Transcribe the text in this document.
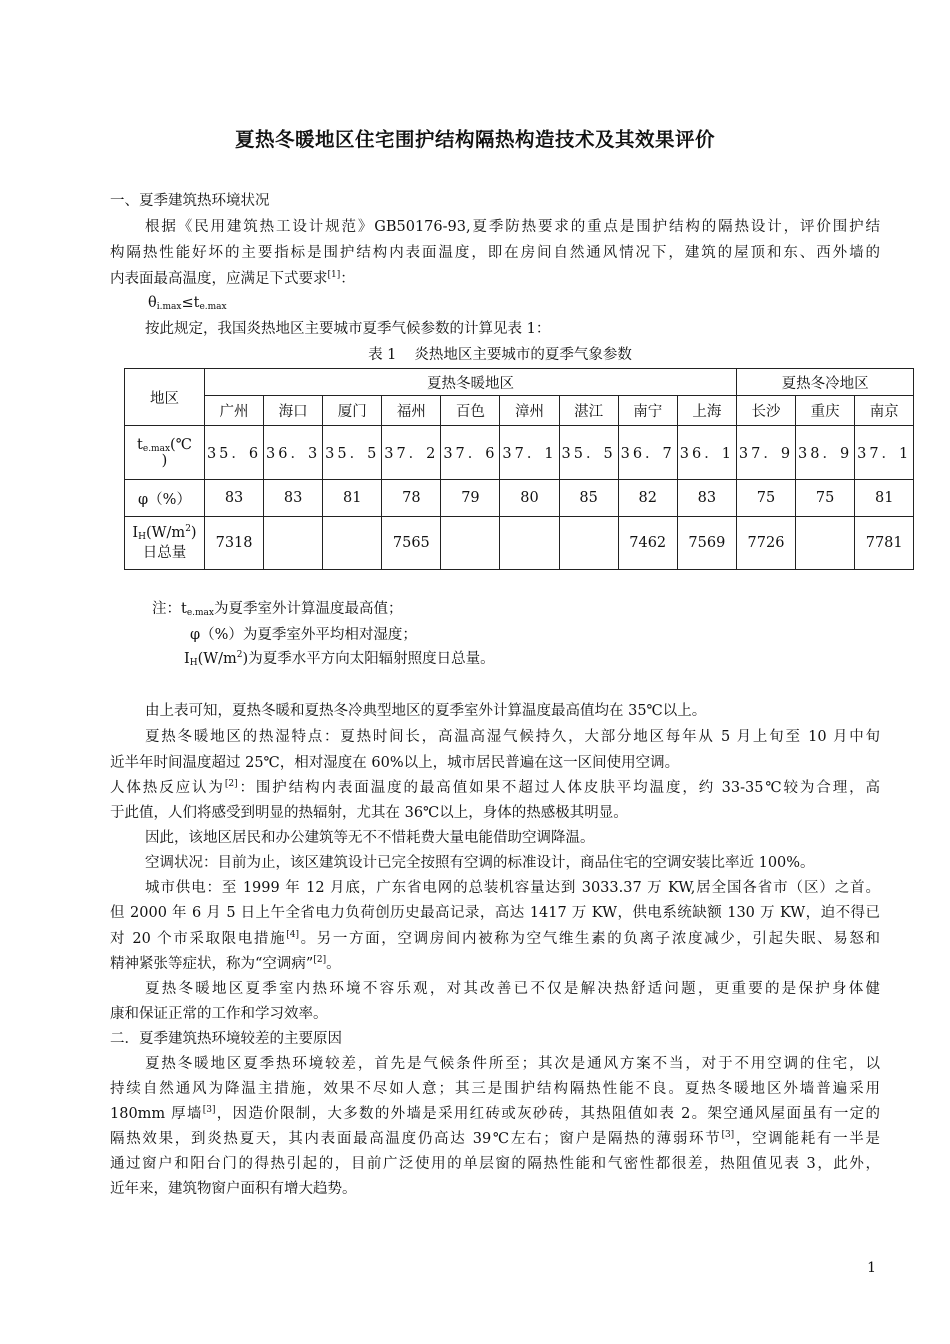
夏热冬暖地区住宅围护结构隔热构造技术及其效果评价
一、夏季建筑热环境状况
根据《民用建筑热工设计规范》GB50176-93,夏季防热要求的重点是围护结构的隔热设计，评价围护结
构隔热性能好坏的主要指标是围护结构内表面温度，即在房间自然通风情况下，建筑的屋顶和东、西外墙的
内表面最高温度，应满足下式要求[1]：
$\theta_{i.max}\le t_{e.max}$
按此规定，我国炎热地区主要城市夏季气候参数的计算见表 1：
表 1 炎热地区主要城市的夏季气象参数
地区	夏热冬暖地区									夏热冬冷地区		
	广州	海口	厦门	福州	百色	漳州	湛江	南宁	上海	长沙	重庆	南京
$t_{e.max}(℃$
)	35．6	36．3	35．5	37．2	37．6	37．1	35．5	36．7	36．1	37．9	38．9	37．1
φ（%）	83	83	81	78	79	80	85	82	83	75	75	81
$I_H(W/m^2)$
日总量	7318			7565				7462	7569	7726		7781
注：$t_{e.max}$为夏季室外计算温度最高值；
φ（%）为夏季室外平均相对湿度；
$I_H(W/m^2)$为夏季水平方向太阳辐射照度日总量。
由上表可知，夏热冬暖和夏热冬冷典型地区的夏季室外计算温度最高值均在 35℃以上。
夏热冬暖地区的热湿特点：夏热时间长，高温高湿气候持久，大部分地区每年从 5 月上旬至 10 月中旬
近半年时间温度超过 25℃，相对湿度在 60%以上，城市居民普遍在这一区间使用空调。
人体热反应认为[2]：围护结构内表面温度的最高值如果不超过人体皮肤平均温度，约 33-35℃较为合理，高
于此值，人们将感受到明显的热辐射，尤其在 36℃以上，身体的热感极其明显。
因此，该地区居民和办公建筑等无不不惜耗费大量电能借助空调降温。
空调状况：目前为止，该区建筑设计已完全按照有空调的标准设计，商品住宅的空调安装比率近 100%。
城市供电：至 1999 年 12 月底，广东省电网的总装机容量达到 3033.37 万 KW,居全国各省市（区）之首。
但 2000 年 6 月 5 日上午全省电力负荷创历史最高记录，高达 1417 万 KW，供电系统缺额 130 万 KW，迫不得已
对 20 个市采取限电措施[4]。另一方面，空调房间内被称为空气维生素的负离子浓度减少，引起失眠、易怒和
精神紧张等症状，称为“空调病”[2]。
夏热冬暖地区夏季室内热环境不容乐观，对其改善已不仅是解决热舒适问题，更重要的是保护身体健
康和保证正常的工作和学习效率。
二．夏季建筑热环境较差的主要原因
夏热冬暖地区夏季热环境较差，首先是气候条件所至；其次是通风方案不当，对于不用空调的住宅，以
持续自然通风为降温主措施，效果不尽如人意；其三是围护结构隔热性能不良。夏热冬暖地区外墙普遍采用
180mm 厚墙[3]，因造价限制，大多数的外墙是采用红砖或灰砂砖，其热阻值如表 2。架空通风屋面虽有一定的
隔热效果，到炎热夏天，其内表面最高温度仍高达 39℃左右；窗户是隔热的薄弱环节[3]，空调能耗有一半是
通过窗户和阳台门的得热引起的，目前广泛使用的单层窗的隔热性能和气密性都很差，热阻值见表 3，此外，
近年来，建筑物窗户面积有增大趋势。
1
